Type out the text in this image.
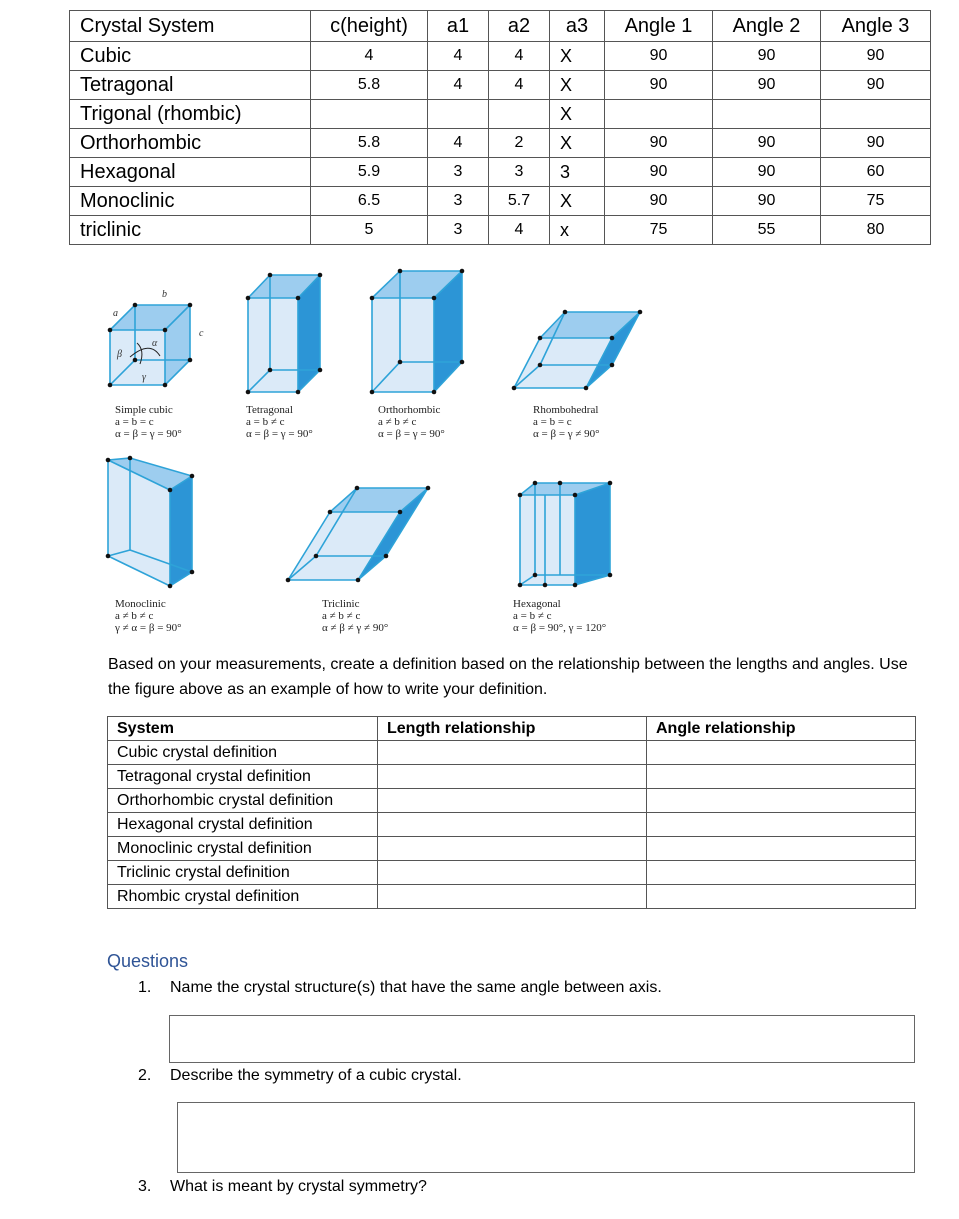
Crystal System	c(height)	a1	a2	a3	Angle 1	Angle 2	Angle 3
Cubic	4	4	4	X	90	90	90
Tetragonal	5.8	4	4	X	90	90	90
Trigonal (rhombic)				X			
Orthorhombic	5.8	4	2	X	90	90	90
Hexagonal	5.9	3	3	3	90	90	60
Monoclinic	6.5	3	5.7	X	90	90	75
triclinic	5	3	4	x	75	55	80
b
a
c
α
β
γ
Simple cubic
a = b = c
α = β = γ = 90°
Tetragonal
a = b ≠ c
α = β = γ = 90°
Orthorhombic
a ≠ b ≠ c
α = β = γ = 90°
Rhombohedral
a = b = c
α = β = γ ≠ 90°
Monoclinic
a ≠ b ≠ c
γ ≠ α = β = 90°
Triclinic
a ≠ b ≠ c
α ≠ β ≠ γ ≠ 90°
Hexagonal
a = b ≠ c
α = β = 90°, γ = 120°
Based on your measurements, create a definition based on the relationship between the lengths and angles. Use the figure above as an example of how to write your definition.
System	Length relationship	Angle relationship
Cubic crystal definition		
Tetragonal crystal definition		
Orthorhombic crystal definition		
Hexagonal crystal definition		
Monoclinic crystal definition		
Triclinic crystal definition		
Rhombic crystal definition		
Questions
1. Name the crystal structure(s) that have the same angle between axis.
2. Describe the symmetry of a cubic crystal.
3. What is meant by crystal symmetry?
